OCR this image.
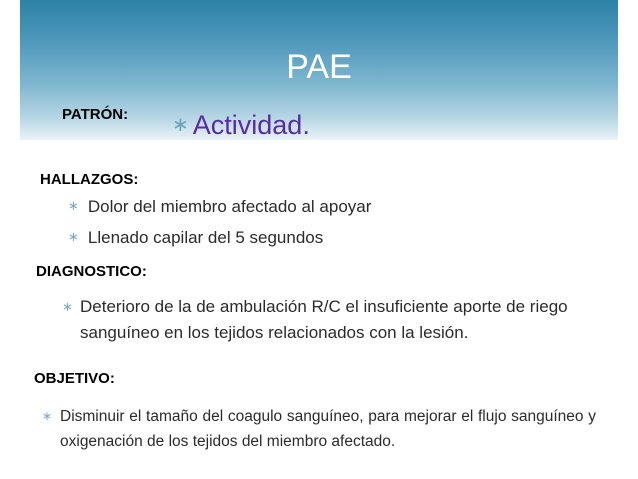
PAE
PATRÓN: ∗ Actividad.
HALLAZGOS:
∗ Dolor del miembro afectado al apoyar
∗ Llenado capilar del 5 segundos
DIAGNOSTICO:
∗ Deterioro de la de ambulación R/C el insuficiente aporte de riego sanguíneo en los tejidos relacionados con la lesión.
OBJETIVO:
∗ Disminuir el tamaño del coagulo sanguíneo, para mejorar el flujo sanguíneo y oxigenación de los tejidos del miembro afectado.
